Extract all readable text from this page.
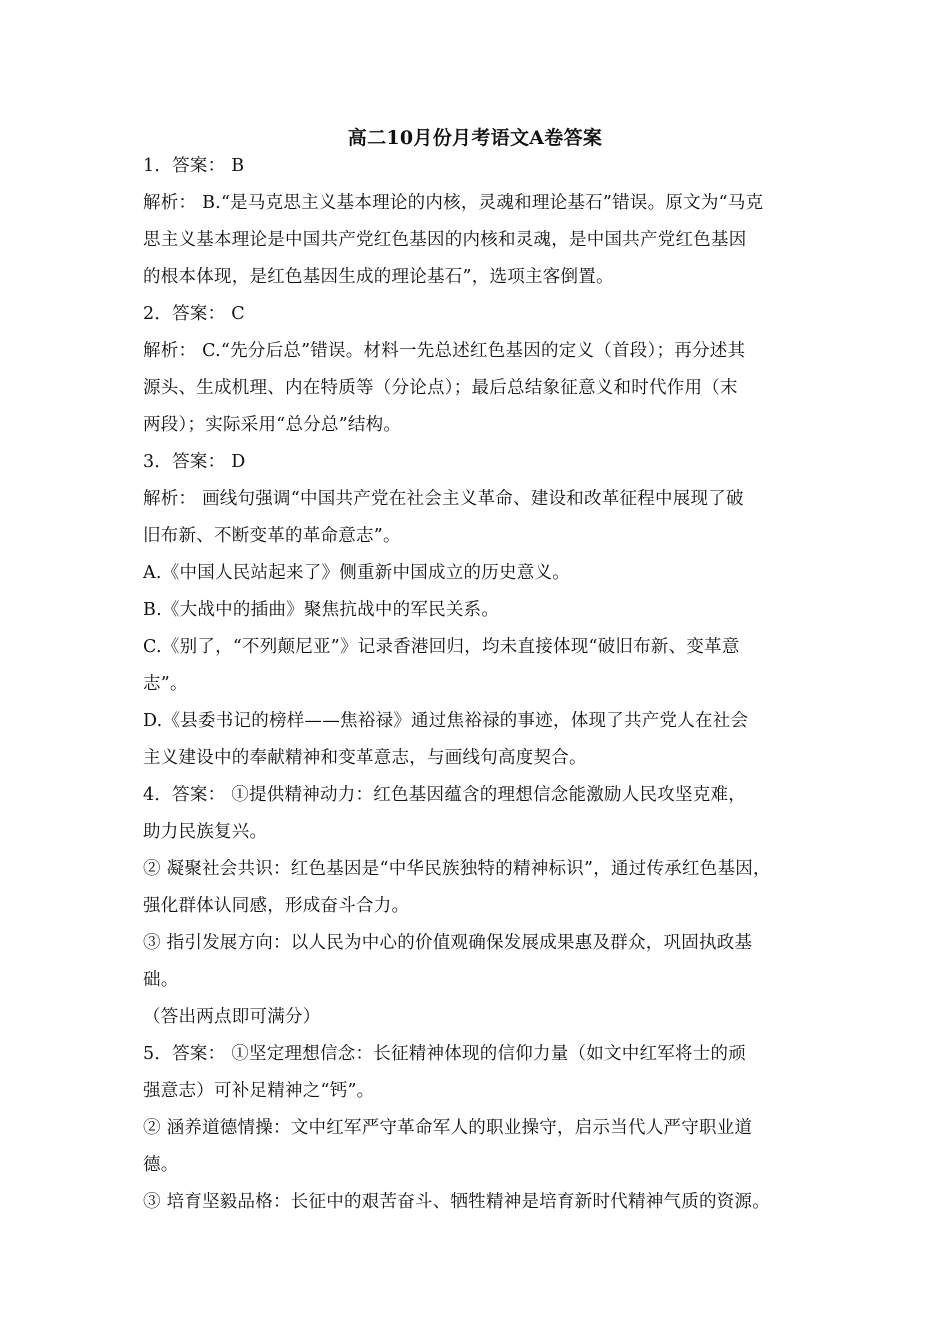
高二10月份月考语文A卷答案
1．答案： B
解析： B.“是马克思主义基本理论的内核，灵魂和理论基石”错误。原文为“马克
思主义基本理论是中国共产党红色基因的内核和灵魂，是中国共产党红色基因
的根本体现，是红色基因生成的理论基石”，选项主客倒置。
2．答案： C
解析： C.“先分后总”错误。材料一先总述红色基因的定义（首段）；再分述其
源头、生成机理、内在特质等（分论点）；最后总结象征意义和时代作用（末
两段）；实际采用“总分总”结构。
3．答案： D
解析： 画线句强调“中国共产党在社会主义革命、建设和改革征程中展现了破
旧布新、不断变革的革命意志”。
A.《中国人民站起来了》侧重新中国成立的历史意义。
B.《大战中的插曲》聚焦抗战中的军民关系。
C.《别了，“不列颠尼亚”》记录香港回归，均未直接体现“破旧布新、变革意
志”。
D.《县委书记的榜样——焦裕禄》通过焦裕禄的事迹，体现了共产党人在社会
主义建设中的奉献精神和变革意志，与画线句高度契合。
4．答案： ①提供精神动力：红色基因蕴含的理想信念能激励人民攻坚克难，
助力民族复兴。
② 凝聚社会共识：红色基因是“中华民族独特的精神标识”，通过传承红色基因，
强化群体认同感，形成奋斗合力。
③ 指引发展方向：以人民为中心的价值观确保发展成果惠及群众，巩固执政基
础。
（答出两点即可满分）
5．答案： ①坚定理想信念：长征精神体现的信仰力量（如文中红军将士的顽
强意志）可补足精神之“钙”。
② 涵养道德情操：文中红军严守革命军人的职业操守，启示当代人严守职业道
德。
③ 培育坚毅品格：长征中的艰苦奋斗、牺牲精神是培育新时代精神气质的资源。
